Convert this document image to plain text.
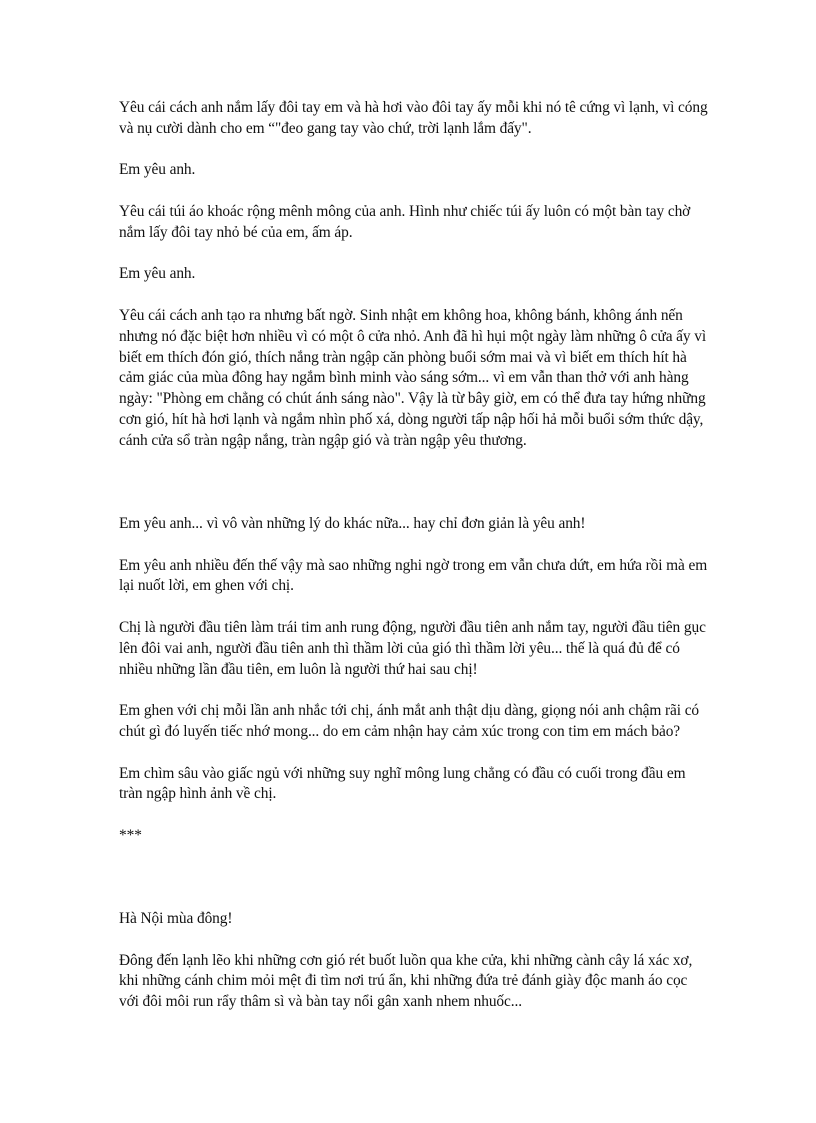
Yêu cái cách anh nắm lấy đôi tay em và hà hơi vào đôi tay ấy mỗi khi nó tê cứng vì lạnh, vì cóng và nụ cười dành cho em “"đeo gang tay vào chứ, trời lạnh lắm đấy".

Em yêu anh.

Yêu cái túi áo khoác rộng mênh mông của anh. Hình như chiếc túi ấy luôn có một bàn tay chờ nắm lấy đôi tay nhỏ bé của em, ấm áp.

Em yêu anh.

Yêu cái cách anh tạo ra nhưng bất ngờ. Sinh nhật em không hoa, không bánh, không ánh nến nhưng nó đặc biệt hơn nhiều vì có một ô cửa nhỏ. Anh đã hì hụi một ngày làm những ô cửa ấy vì biết em thích đón gió, thích nắng tràn ngập căn phòng buổi sớm mai và vì biết em thích hít hà cảm giác của mùa đông hay ngắm bình minh vào sáng sớm... vì em vẫn than thở với anh hàng ngày: "Phòng em chẳng có chút ánh sáng nào". Vậy là từ bây giờ, em có thể đưa tay hứng những cơn gió, hít hà hơi lạnh và ngắm nhìn phố xá, dòng người tấp nập hối hả mỗi buổi sớm thức dậy, cánh cửa sổ tràn ngập nắng, tràn ngập gió và tràn ngập yêu thương.

Em yêu anh... vì vô vàn những lý do khác nữa... hay chỉ đơn giản là yêu anh!

Em yêu anh nhiều đến thế vậy mà sao những nghi ngờ trong em vẫn chưa dứt, em hứa rồi mà em lại nuốt lời, em ghen với chị.

Chị là người đầu tiên làm trái tim anh rung động, người đầu tiên anh nắm tay, người đầu tiên gục lên đôi vai anh, người đầu tiên anh thì thầm lời của gió thì thầm lời yêu... thế là quá đủ để có nhiều những lần đầu tiên, em luôn là người thứ hai sau chị!

Em ghen với chị mỗi lần anh nhắc tới chị, ánh mắt anh thật dịu dàng, giọng nói anh chậm rãi có chút gì đó luyến tiếc nhớ mong... do em cảm nhận hay cảm xúc trong con tim em mách bảo?

Em chìm sâu vào giấc ngủ với những suy nghĩ mông lung chẳng có đầu có cuối trong đầu em tràn ngập hình ảnh về chị.

***

Hà Nội mùa đông!

Đông đến lạnh lẽo khi những cơn gió rét buốt luồn qua khe cửa, khi những cành cây lá xác xơ, khi những cánh chim mỏi mệt đi tìm nơi trú ẩn, khi những đứa trẻ đánh giày độc manh áo cọc với đôi môi run rẩy thâm sì và bàn tay nổi gân xanh nhem nhuốc...
